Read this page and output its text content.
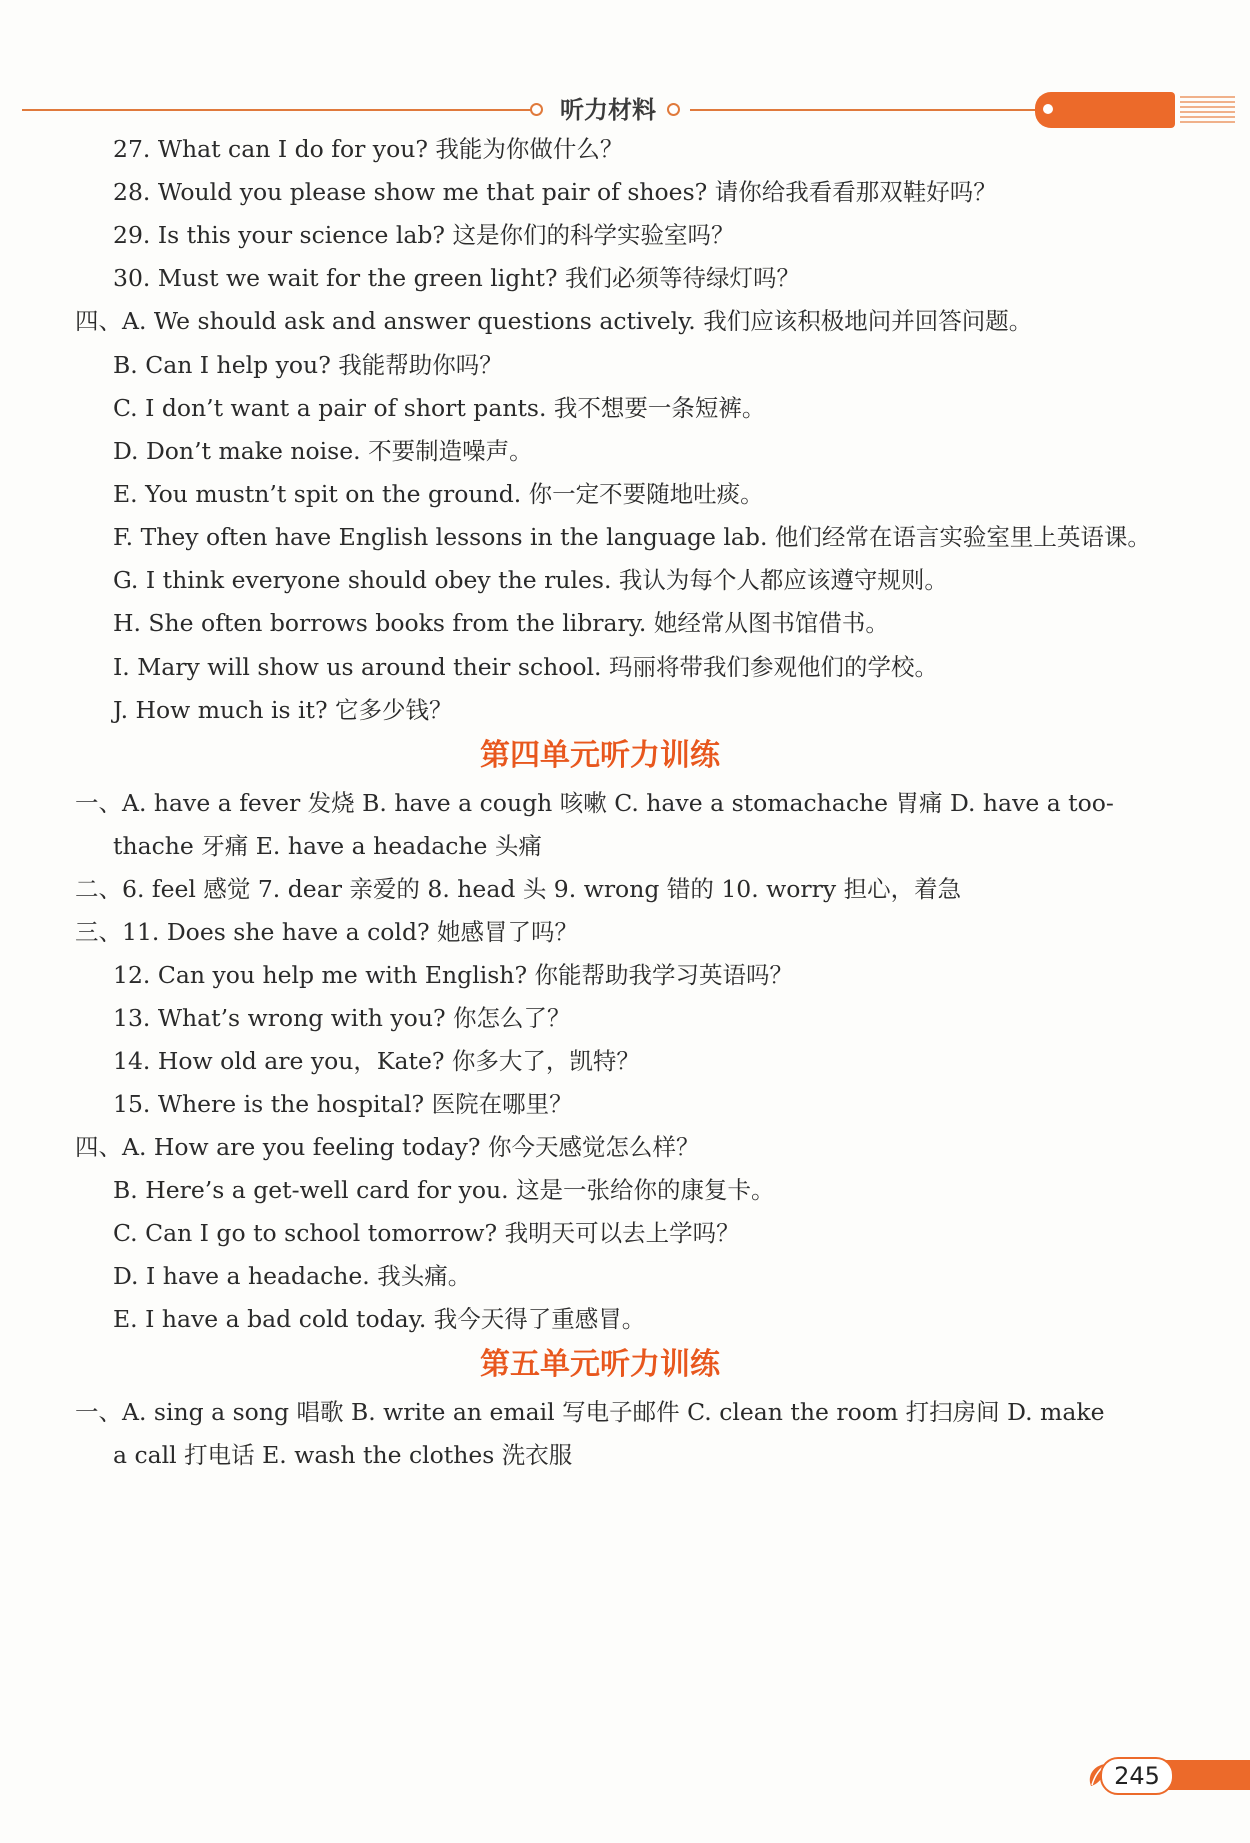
听力材料
27. What can I do for you? 我能为你做什么？
28. Would you please show me that pair of shoes? 请你给我看看那双鞋好吗？
29. Is this your science lab? 这是你们的科学实验室吗？
30. Must we wait for the green light? 我们必须等待绿灯吗？
四、A. We should ask and answer questions actively. 我们应该积极地问并回答问题。
B. Can I help you? 我能帮助你吗？
C. I don’t want a pair of short pants. 我不想要一条短裤。
D. Don’t make noise. 不要制造噪声。
E. You mustn’t spit on the ground. 你一定不要随地吐痰。
F. They often have English lessons in the language lab. 他们经常在语言实验室里上英语课。
G. I think everyone should obey the rules. 我认为每个人都应该遵守规则。
H. She often borrows books from the library. 她经常从图书馆借书。
I. Mary will show us around their school. 玛丽将带我们参观他们的学校。
J. How much is it? 它多少钱？
第四单元听力训练
一、A. have a fever 发烧 B. have a cough 咳嗽 C. have a stomachache 胃痛 D. have a too-
thache 牙痛 E. have a headache 头痛
二、6. feel 感觉 7. dear 亲爱的 8. head 头 9. wrong 错的 10. worry 担心，着急
三、11. Does she have a cold? 她感冒了吗？
12. Can you help me with English? 你能帮助我学习英语吗？
13. What’s wrong with you? 你怎么了？
14. How old are you，Kate? 你多大了，凯特？
15. Where is the hospital? 医院在哪里？
四、A. How are you feeling today? 你今天感觉怎么样？
B. Here’s a get-well card for you. 这是一张给你的康复卡。
C. Can I go to school tomorrow? 我明天可以去上学吗？
D. I have a headache. 我头痛。
E. I have a bad cold today. 我今天得了重感冒。
第五单元听力训练
一、A. sing a song 唱歌 B. write an email 写电子邮件 C. clean the room 打扫房间 D. make
a call 打电话 E. wash the clothes 洗衣服
245
